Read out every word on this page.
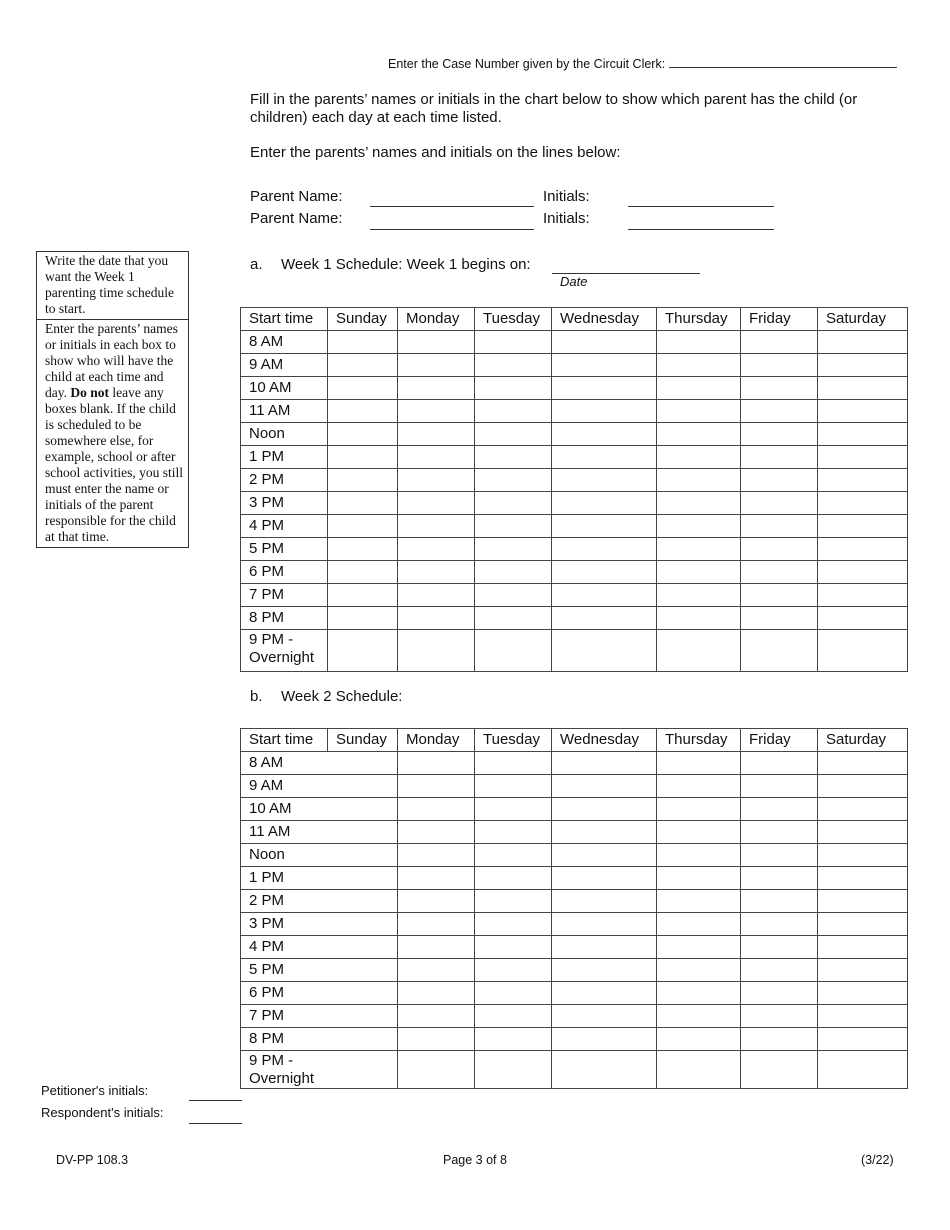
Enter the Case Number given by the Circuit Clerk:
Fill in the parents’ names or initials in the chart below to show which parent has the child (or children) each day at each time listed.
Enter the parents’ names and initials on the lines below:
Parent Name:	Initials:
Parent Name:	Initials:
Write the date that you want the Week 1 parenting time schedule to start.
Enter the parents’ names or initials in each box to show who will have the child at each time and day. Do not leave any boxes blank. If the child is scheduled to be somewhere else, for example, school or after school activities, you still must enter the name or initials of the parent responsible for the child at that time.
a. Week 1 Schedule: Week 1 begins on:
Date
Start time	Sunday	Monday	Tuesday	Wednesday	Thursday	Friday	Saturday
8 AM							
9 AM							
10 AM							
11 AM							
Noon							
1 PM							
2 PM							
3 PM							
4 PM							
5 PM							
6 PM							
7 PM							
8 PM							

9 PM -
Overnight							

b. Week 2 Schedule:
Start time	Sunday	Monday	Tuesday	Wednesday	Thursday	Friday	Saturday
8 AM							
9 AM							
10 AM							
11 AM							
Noon							
1 PM							
2 PM							
3 PM							
4 PM							
5 PM							
6 PM							
7 PM							
8 PM							

9 PM -
Overnight							

Petitioner's initials:
Respondent's initials:
DV-PP 108.3	Page 3 of 8	(3/22)
